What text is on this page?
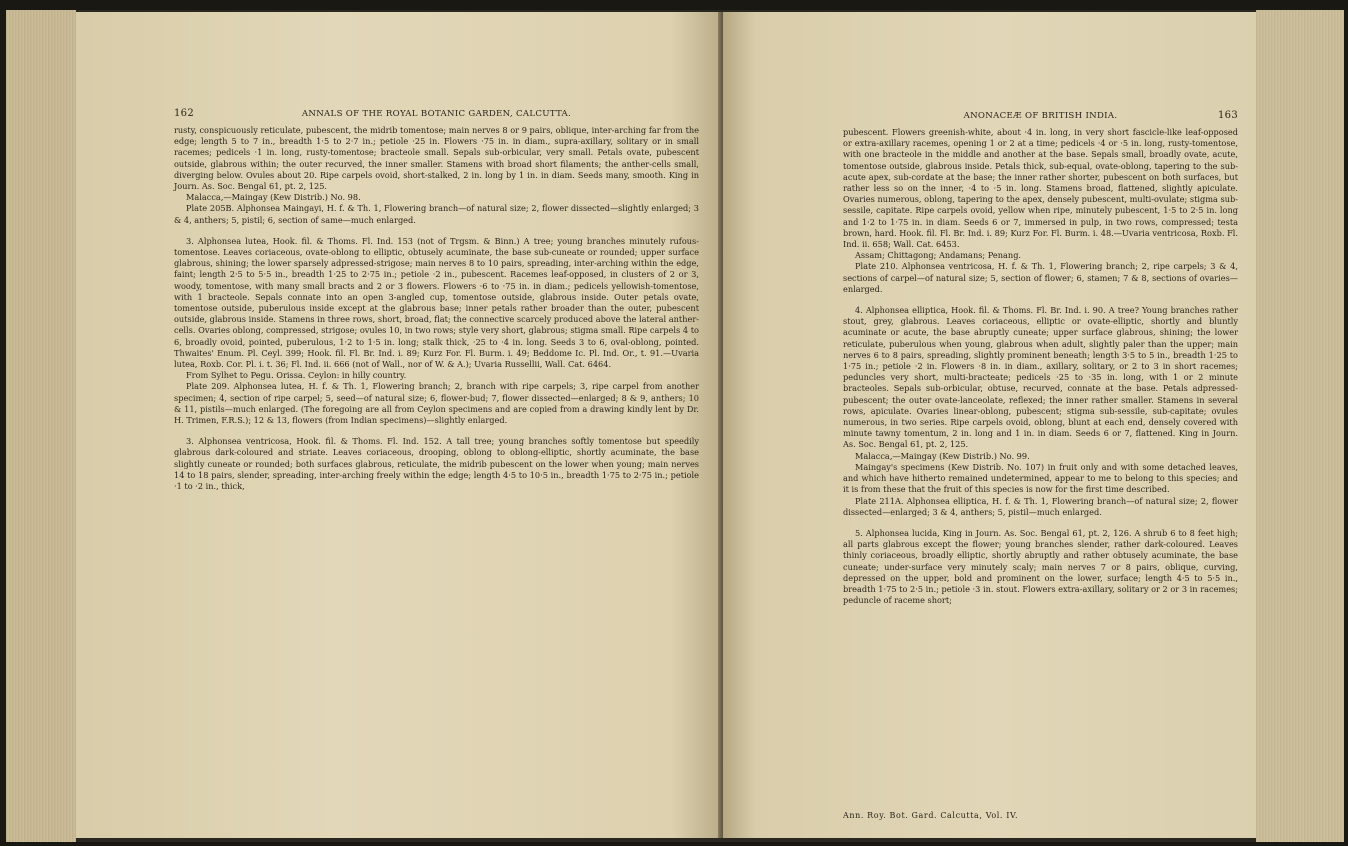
162	ANNALS OF THE ROYAL BOTANIC GARDEN, CALCUTTA.

rusty, conspicuously reticulate, pubescent, the midrib tomentose; main nerves 8 or 9 pairs, oblique, inter-arching far from the edge; length 5 to 7 in., breadth 1·5 to 2·7 in.; petiole ·25 in. Flowers ·75 in. in diam., supra-axillary, solitary or in small racemes; pedicels ·1 in. long, rusty-tomentose; bracteole small. Sepals sub-orbicular, very small. Petals ovate, pubescent outside, glabrous within; the outer recurved, the inner smaller. Stamens with broad short filaments; the anther-cells small, diverging below. Ovules about 20. Ripe carpels ovoid, short-stalked, 2 in. long by 1 in. in diam. Seeds many, smooth. King in Journ. As. Soc. Bengal 61, pt. 2, 125.

Malacca,—Maingay (Kew Distrib.) No. 98.

Plate 205B. Alphonsea Maingayi, H. f. & Th. 1, Flowering branch—of natural size; 2, flower dissected—slightly enlarged; 3 & 4, anthers; 5, pistil; 6, section of same—much enlarged.

3. Alphonsea lutea, Hook. fil. & Thoms. Fl. Ind. 153 (not of Trgsm. & Binn.) A tree; young branches minutely rufous-tomentose. Leaves coriaceous, ovate-oblong to elliptic, obtusely acuminate, the base sub-cuneate or rounded; upper surface glabrous, shining; the lower sparsely adpressed-strigose; main nerves 8 to 10 pairs, spreading, inter-arching within the edge, faint; length 2·5 to 5·5 in., breadth 1·25 to 2·75 in.; petiole ·2 in., pubescent. Racemes leaf-opposed, in clusters of 2 or 3, woody, tomentose, with many small bracts and 2 or 3 flowers. Flowers ·6 to ·75 in. in diam.; pedicels yellowish-tomentose, with 1 bracteole. Sepals connate into an open 3-angled cup, tomentose outside, glabrous inside. Outer petals ovate, tomentose outside, puberulous inside except at the glabrous base; inner petals rather broader than the outer, pubescent outside, glabrous inside. Stamens in three rows, short, broad, flat; the connective scarcely produced above the lateral anther-cells. Ovaries oblong, compressed, strigose; ovules 10, in two rows; style very short, glabrous; stigma small. Ripe carpels 4 to 6, broadly ovoid, pointed, puberulous, 1·2 to 1·5 in. long; stalk thick, ·25 to ·4 in. long. Seeds 3 to 6, oval-oblong, pointed. Thwaites' Enum. Pl. Ceyl. 399; Hook. fil. Fl. Br. Ind. i. 89; Kurz For. Fl. Burm. i. 49; Beddome Ic. Pl. Ind. Or., t. 91.—Uvaria lutea, Roxb. Cor. Pl. i. t. 36; Fl. Ind. ii. 666 (not of Wall., nor of W. & A.); Uvaria Russellii, Wall. Cat. 6464.

From Sylhet to Pegu. Orissa. Ceylon: in hilly country.

Plate 209. Alphonsea lutea, H. f. & Th. 1, Flowering branch; 2, branch with ripe carpels; 3, ripe carpel from another specimen; 4, section of ripe carpel; 5, seed—of natural size; 6, flower-bud; 7, flower dissected—enlarged; 8 & 9, anthers; 10 & 11, pistils—much enlarged. (The foregoing are all from Ceylon specimens and are copied from a drawing kindly lent by Dr. H. Trimen, F.R.S.); 12 & 13, flowers (from Indian specimens)—slightly enlarged.

3. Alphonsea ventricosa, Hook. fil. & Thoms. Fl. Ind. 152. A tall tree; young branches softly tomentose but speedily glabrous dark-coloured and striate. Leaves coriaceous, drooping, oblong to oblong-elliptic, shortly acuminate, the base slightly cuneate or rounded; both surfaces glabrous, reticulate, the midrib pubescent on the lower when young; main nerves 14 to 18 pairs, slender, spreading, inter-arching freely within the edge; length 4·5 to 10·5 in., breadth 1·75 to 2·75 in.; petiole ·1 to ·2 in., thick,

ANONACEÆ OF BRITISH INDIA.	163

pubescent. Flowers greenish-white, about ·4 in. long, in very short fascicle-like leaf-opposed or extra-axillary racemes, opening 1 or 2 at a time; pedicels ·4 or ·5 in. long, rusty-tomentose, with one bracteole in the middle and another at the base. Sepals small, broadly ovate, acute, tomentose outside, glabrous inside. Petals thick, sub-equal, ovate-oblong, tapering to the sub-acute apex, sub-cordate at the base; the inner rather shorter, pubescent on both surfaces, but rather less so on the inner, ·4 to ·5 in. long. Stamens broad, flattened, slightly apiculate. Ovaries numerous, oblong, tapering to the apex, densely pubescent, multi-ovulate; stigma sub-sessile, capitate. Ripe carpels ovoid, yellow when ripe, minutely pubescent, 1·5 to 2·5 in. long and 1·2 to 1·75 in. in diam. Seeds 6 or 7, immersed in pulp, in two rows, compressed; testa brown, hard. Hook. fil. Fl. Br. Ind. i. 89; Kurz For. Fl. Burm. i. 48.—Uvaria ventricosa, Roxb. Fl. Ind. ii. 658; Wall. Cat. 6453.

Assam; Chittagong; Andamans; Penang.

Plate 210. Alphonsea ventricosa, H. f. & Th. 1, Flowering branch; 2, ripe carpels; 3 & 4, sections of carpel—of natural size; 5, section of flower; 6, stamen; 7 & 8, sections of ovaries—enlarged.

4. Alphonsea elliptica, Hook. fil. & Thoms. Fl. Br. Ind. i. 90. A tree? Young branches rather stout, grey, glabrous. Leaves coriaceous, elliptic or ovate-elliptic, shortly and bluntly acuminate or acute, the base abruptly cuneate; upper surface glabrous, shining; the lower reticulate, puberulous when young, glabrous when adult, slightly paler than the upper; main nerves 6 to 8 pairs, spreading, slightly prominent beneath; length 3·5 to 5 in., breadth 1·25 to 1·75 in.; petiole ·2 in. Flowers ·8 in. in diam., axillary, solitary, or 2 to 3 in short racemes; peduncles very short, multi-bracteate; pedicels ·25 to ·35 in. long, with 1 or 2 minute bracteoles. Sepals sub-orbicular, obtuse, recurved, connate at the base. Petals adpressed-pubescent; the outer ovate-lanceolate, reflexed; the inner rather smaller. Stamens in several rows, apiculate. Ovaries linear-oblong, pubescent; stigma sub-sessile, sub-capitate; ovules numerous, in two series. Ripe carpels ovoid, oblong, blunt at each end, densely covered with minute tawny tomentum, 2 in. long and 1 in. in diam. Seeds 6 or 7, flattened. King in Journ. As. Soc. Bengal 61, pt. 2, 125.

Malacca,—Maingay (Kew Distrib.) No. 99.

Maingay's specimens (Kew Distrib. No. 107) in fruit only and with some detached leaves, and which have hitherto remained undetermined, appear to me to belong to this species; and it is from these that the fruit of this species is now for the first time described.

Plate 211A. Alphonsea elliptica, H. f. & Th. 1, Flowering branch—of natural size; 2, flower dissected—enlarged; 3 & 4, anthers; 5, pistil—much enlarged.

5. Alphonsea lucida, King in Journ. As. Soc. Bengal 61, pt. 2, 126. A shrub 6 to 8 feet high; all parts glabrous except the flower; young branches slender, rather dark-coloured. Leaves thinly coriaceous, broadly elliptic, shortly abruptly and rather obtusely acuminate, the base cuneate; under-surface very minutely scaly; main nerves 7 or 8 pairs, oblique, curving, depressed on the upper, bold and prominent on the lower, surface; length 4·5 to 5·5 in., breadth 1·75 to 2·5 in.; petiole ·3 in. stout. Flowers extra-axillary, solitary or 2 or 3 in racemes; peduncle of raceme short;

Ann. Roy. Bot. Gard. Calcutta, Vol. IV.
